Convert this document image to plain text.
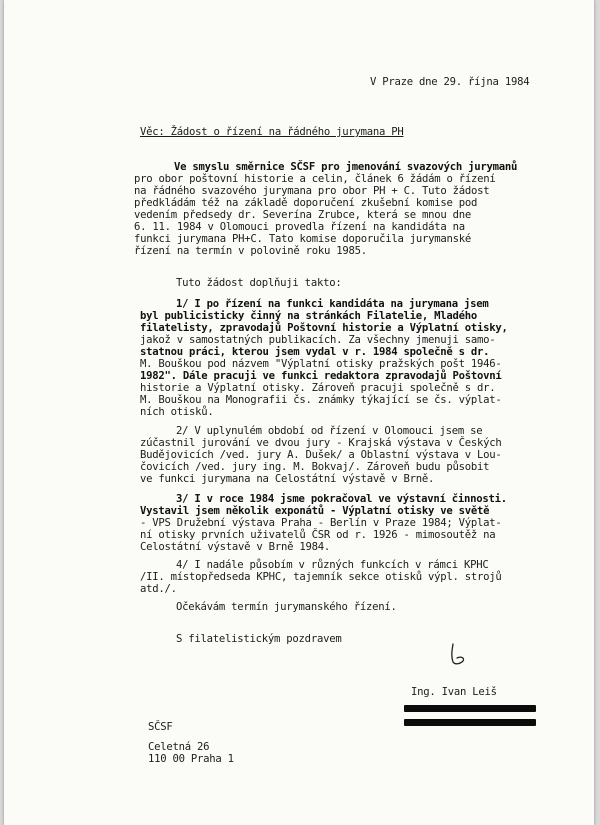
V Praze dne 29. října 1984

Věc: Žádost o řízení na řádného jurymana PH

Ve smyslu směrnice SČSF pro jmenování svazových jurymanů

pro obor poštovní historie a celin, článek 6 žádám o řízení

na řádného svazového jurymana pro obor PH + C. Tuto žádost

předkládám též na základě doporučení zkušební komise pod

vedením předsedy dr. Severína Zrubce, která se mnou dne

6. 11. 1984 v Olomouci provedla řízení na kandidáta na

funkci jurymana PH+C. Tato komise doporučila jurymanské

řízení na termín v polovině roku 1985.

Tuto žádost doplňuji takto:

1/ I po řízení na funkci kandidáta na jurymana jsem

byl publicisticky činný na stránkách Filatelie, Mladého

filatelisty, zpravodajů Poštovní historie a Výplatní otisky,

jakož v samostatných publikacích. Za všechny jmenuji samo-

statnou práci, kterou jsem vydal v r. 1984 společně s dr.

M. Bouškou pod názvem "Výplatní otisky pražských pošt 1946-

1982". Dále pracuji ve funkci redaktora zpravodajů Poštovní

historie a Výplatní otisky. Zároveň pracuji společně s dr.

M. Bouškou na Monografii čs. známky týkající se čs. výplat-

ních otisků.

2/ V uplynulém období od řízení v Olomouci jsem se

zúčastnil jurování ve dvou jury - Krajská výstava v Českých

Budějovicích /ved. jury A. Dušek/ a Oblastní výstava v Lou-

čovicích /ved. jury ing. M. Bokvaj/. Zároveň budu působit

ve funkci jurymana na Celostátní výstavě v Brně.

3/ I v roce 1984 jsme pokračoval ve výstavní činnosti.

Vystavil jsem několik exponátů - Výplatní otisky ve světě

- VPS Družební výstava Praha - Berlín v Praze 1984; Výplat-

ní otisky prvních uživatelů ČSR od r. 1926 - mimosoutěž na

Celostátní výstavě v Brně 1984.

4/ I nadále působím v různých funkcích v rámci KPHC

/II. místopředseda KPHC, tajemník sekce otisků výpl. strojů

atd./.

Očekávám termín jurymanského řízení.

S filatelistickým pozdravem

Ing. Ivan Leiš

SČSF

Celetná 26

110 00 Praha 1
